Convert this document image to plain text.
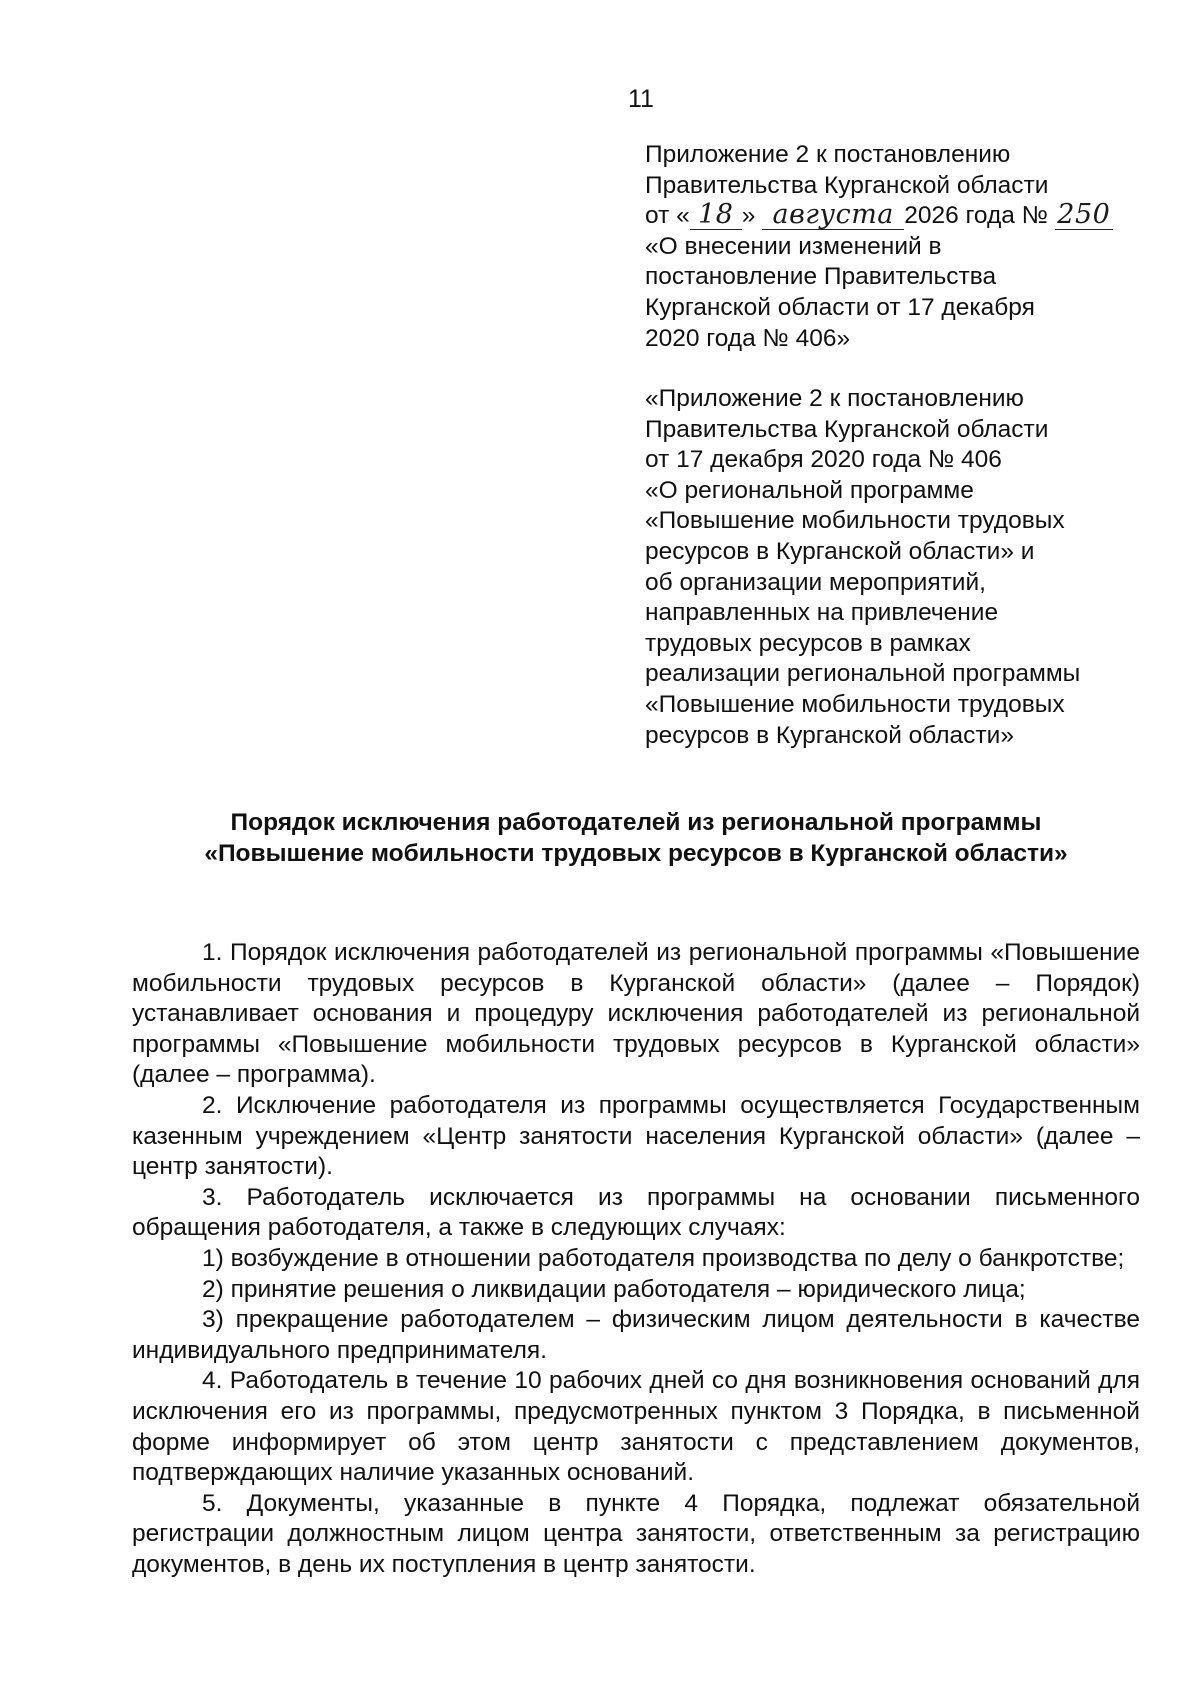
11
Приложение 2 к постановлению
Правительства Курганской области
от « 18 » августа 2026 года № 250
«О внесении изменений в
постановление Правительства
Курганской области от 17 декабря
2020 года № 406»
«Приложение 2 к постановлению
Правительства Курганской области
от 17 декабря 2020 года № 406
«О региональной программе
«Повышение мобильности трудовых
ресурсов в Курганской области» и
об организации мероприятий,
направленных на привлечение
трудовых ресурсов в рамках
реализации региональной программы
«Повышение мобильности трудовых
ресурсов в Курганской области»
Порядок исключения работодателей из региональной программы
«Повышение мобильности трудовых ресурсов в Курганской области»

1. Порядок исключения работодателей из региональной программы «Повышение мобильности трудовых ресурсов в Курганской области» (далее – Порядок) устанавливает основания и процедуру исключения работодателей из региональной программы «Повышение мобильности трудовых ресурсов в Курганской области» (далее – программа).

2. Исключение работодателя из программы осуществляется Государственным казенным учреждением «Центр занятости населения Курганской области» (далее – центр занятости).

3. Работодатель исключается из программы на основании письменного обращения работодателя, а также в следующих случаях:

1) возбуждение в отношении работодателя производства по делу о банкротстве;

2) принятие решения о ликвидации работодателя – юридического лица;

3) прекращение работодателем – физическим лицом деятельности в качестве индивидуального предпринимателя.

4. Работодатель в течение 10 рабочих дней со дня возникновения оснований для исключения его из программы, предусмотренных пунктом 3 Порядка, в письменной форме информирует об этом центр занятости с представлением документов, подтверждающих наличие указанных оснований.

5. Документы, указанные в пункте 4 Порядка, подлежат обязательной регистрации должностным лицом центра занятости, ответственным за регистрацию документов, в день их поступления в центр занятости.
